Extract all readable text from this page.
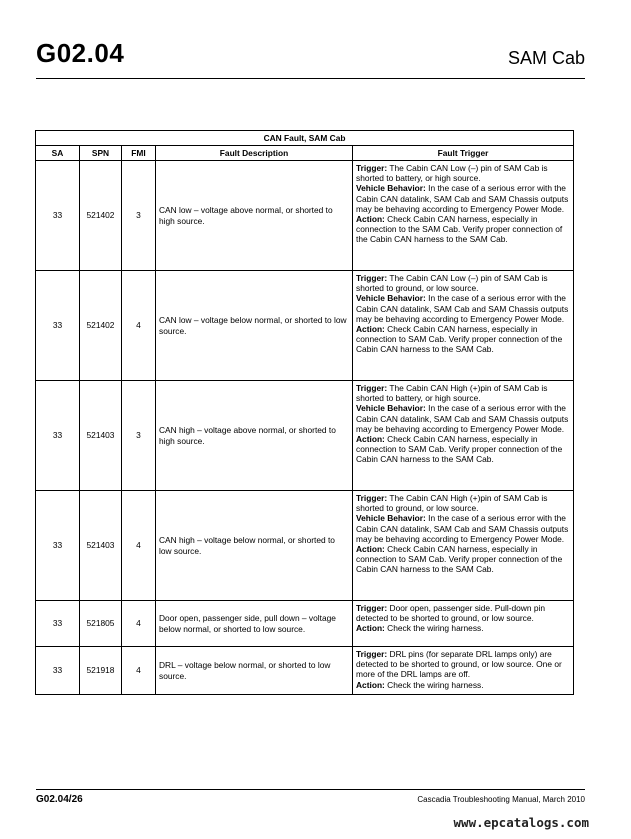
G02.04	SAM Cab
CAN Fault, SAM Cab				
SA	SPN	FMI	Fault Description	Fault Trigger
33	521402	3	CAN low – voltage above normal, or shorted to high source.	Trigger: The Cabin CAN Low (–) pin of SAM Cab is shorted to battery, or high source.
Vehicle Behavior: In the case of a serious error with the Cabin CAN datalink, SAM Cab and SAM Chassis outputs may be behaving according to Emergency Power Mode.
Action: Check Cabin CAN harness, especially in connection to the SAM Cab. Verify proper connection of the Cabin CAN harness to the SAM Cab.
33	521402	4	CAN low – voltage below normal, or shorted to low source.	Trigger: The Cabin CAN Low (–) pin of SAM Cab is shorted to ground, or low source.
Vehicle Behavior: In the case of a serious error with the Cabin CAN datalink, SAM Cab and SAM Chassis outputs may be behaving according to Emergency Power Mode.
Action: Check Cabin CAN harness, especially in connection to SAM Cab. Verify proper connection of the Cabin CAN harness to the SAM Cab.
33	521403	3	CAN high – voltage above normal, or shorted to high source.	Trigger: The Cabin CAN High (+)pin of SAM Cab is shorted to battery, or high source.
Vehicle Behavior: In the case of a serious error with the Cabin CAN datalink, SAM Cab and SAM Chassis outputs may be behaving according to Emergency Power Mode.
Action: Check Cabin CAN harness, especially in connection to SAM Cab. Verify proper connection of the Cabin CAN harness to the SAM Cab.
33	521403	4	CAN high – voltage below normal, or shorted to low source.	Trigger: The Cabin CAN High (+)pin of SAM Cab is shorted to ground, or low source.
Vehicle Behavior: In the case of a serious error with the Cabin CAN datalink, SAM Cab and SAM Chassis outputs may be behaving according to Emergency Power Mode.
Action: Check Cabin CAN harness, especially in connection to SAM Cab. Verify proper connection of the Cabin CAN harness to the SAM Cab.
33	521805	4	Door open, passenger side, pull down – voltage below normal, or shorted to low source.	Trigger: Door open, passenger side. Pull-down pin detected to be shorted to ground, or low source.
Action: Check the wiring harness.
33	521918	4	DRL – voltage below normal, or shorted to low source.	Trigger: DRL pins (for separate DRL lamps only) are detected to be shorted to ground, or low source. One or more of the DRL lamps are off.
Action: Check the wiring harness.
G02.04/26	Cascadia Troubleshooting Manual, March 2010
www.epcatalogs.com
